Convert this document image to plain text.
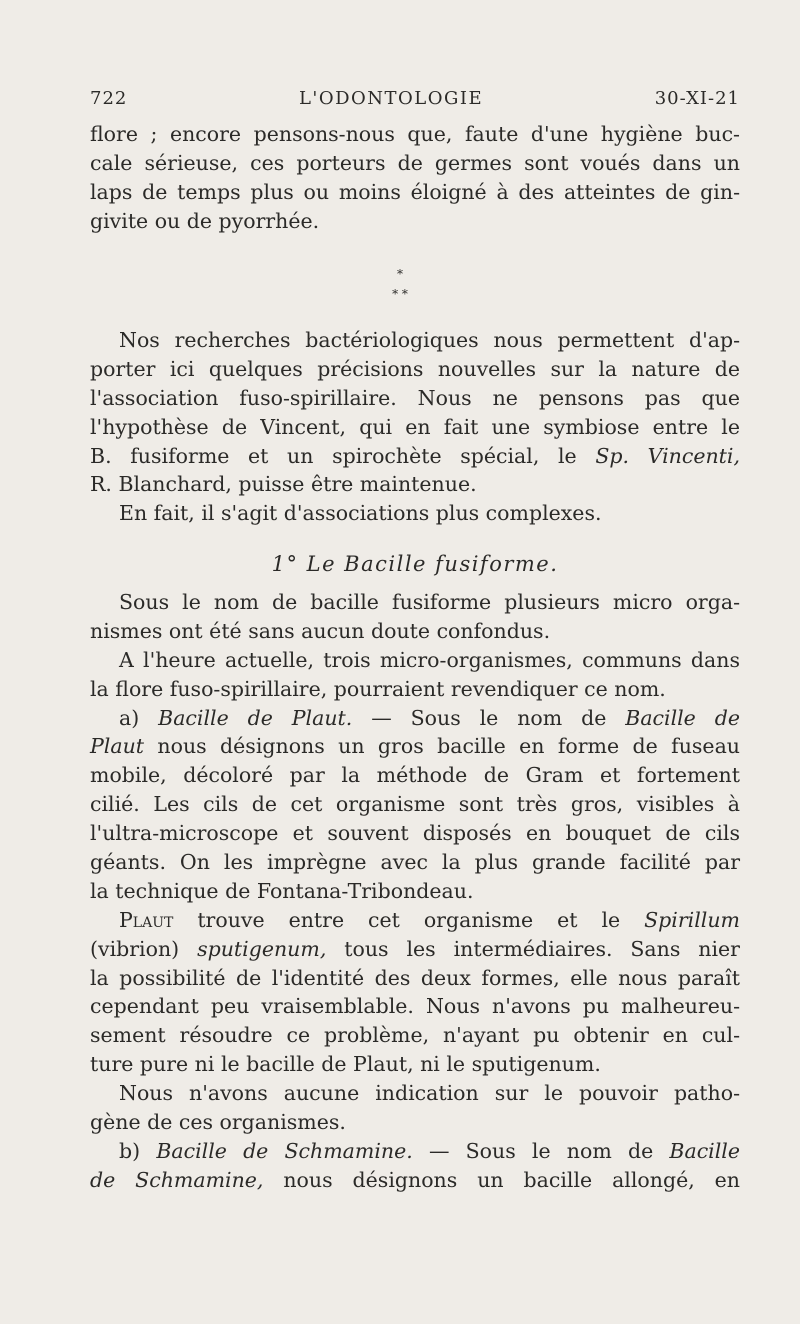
722	L'ODONTOLOGIE	30-XI-21
flore ; encore pensons-nous que, faute d'une hygiène buc-
cale sérieuse, ces porteurs de germes sont voués dans un
laps de temps plus ou moins éloigné à des atteintes de gin-
givite ou de pyorrhée.
*
* *
Nos recherches bactériologiques nous permettent d'ap-
porter ici quelques précisions nouvelles sur la nature de
l'association fuso-spirillaire. Nous ne pensons pas que
l'hypothèse de Vincent, qui en fait une symbiose entre le
B. fusiforme et un spirochète spécial, le Sp. Vincenti,
R. Blanchard, puisse être maintenue.
En fait, il s'agit d'associations plus complexes.
1° Le Bacille fusiforme.
Sous le nom de bacille fusiforme plusieurs micro orga-
nismes ont été sans aucun doute confondus.
A l'heure actuelle, trois micro-organismes, communs dans
la flore fuso-spirillaire, pourraient revendiquer ce nom.
a) Bacille de Plaut. — Sous le nom de Bacille de
Plaut nous désignons un gros bacille en forme de fuseau
mobile, décoloré par la méthode de Gram et fortement
cilié. Les cils de cet organisme sont très gros, visibles à
l'ultra-microscope et souvent disposés en bouquet de cils
géants. On les imprègne avec la plus grande facilité par
la technique de Fontana-Tribondeau.
Plaut trouve entre cet organisme et le Spirillum
(vibrion) sputigenum, tous les intermédiaires. Sans nier
la possibilité de l'identité des deux formes, elle nous paraît
cependant peu vraisemblable. Nous n'avons pu malheureu-
sement résoudre ce problème, n'ayant pu obtenir en cul-
ture pure ni le bacille de Plaut, ni le sputigenum.
Nous n'avons aucune indication sur le pouvoir patho-
gène de ces organismes.
b) Bacille de Schmamine. — Sous le nom de Bacille
de Schmamine, nous désignons un bacille allongé, en
